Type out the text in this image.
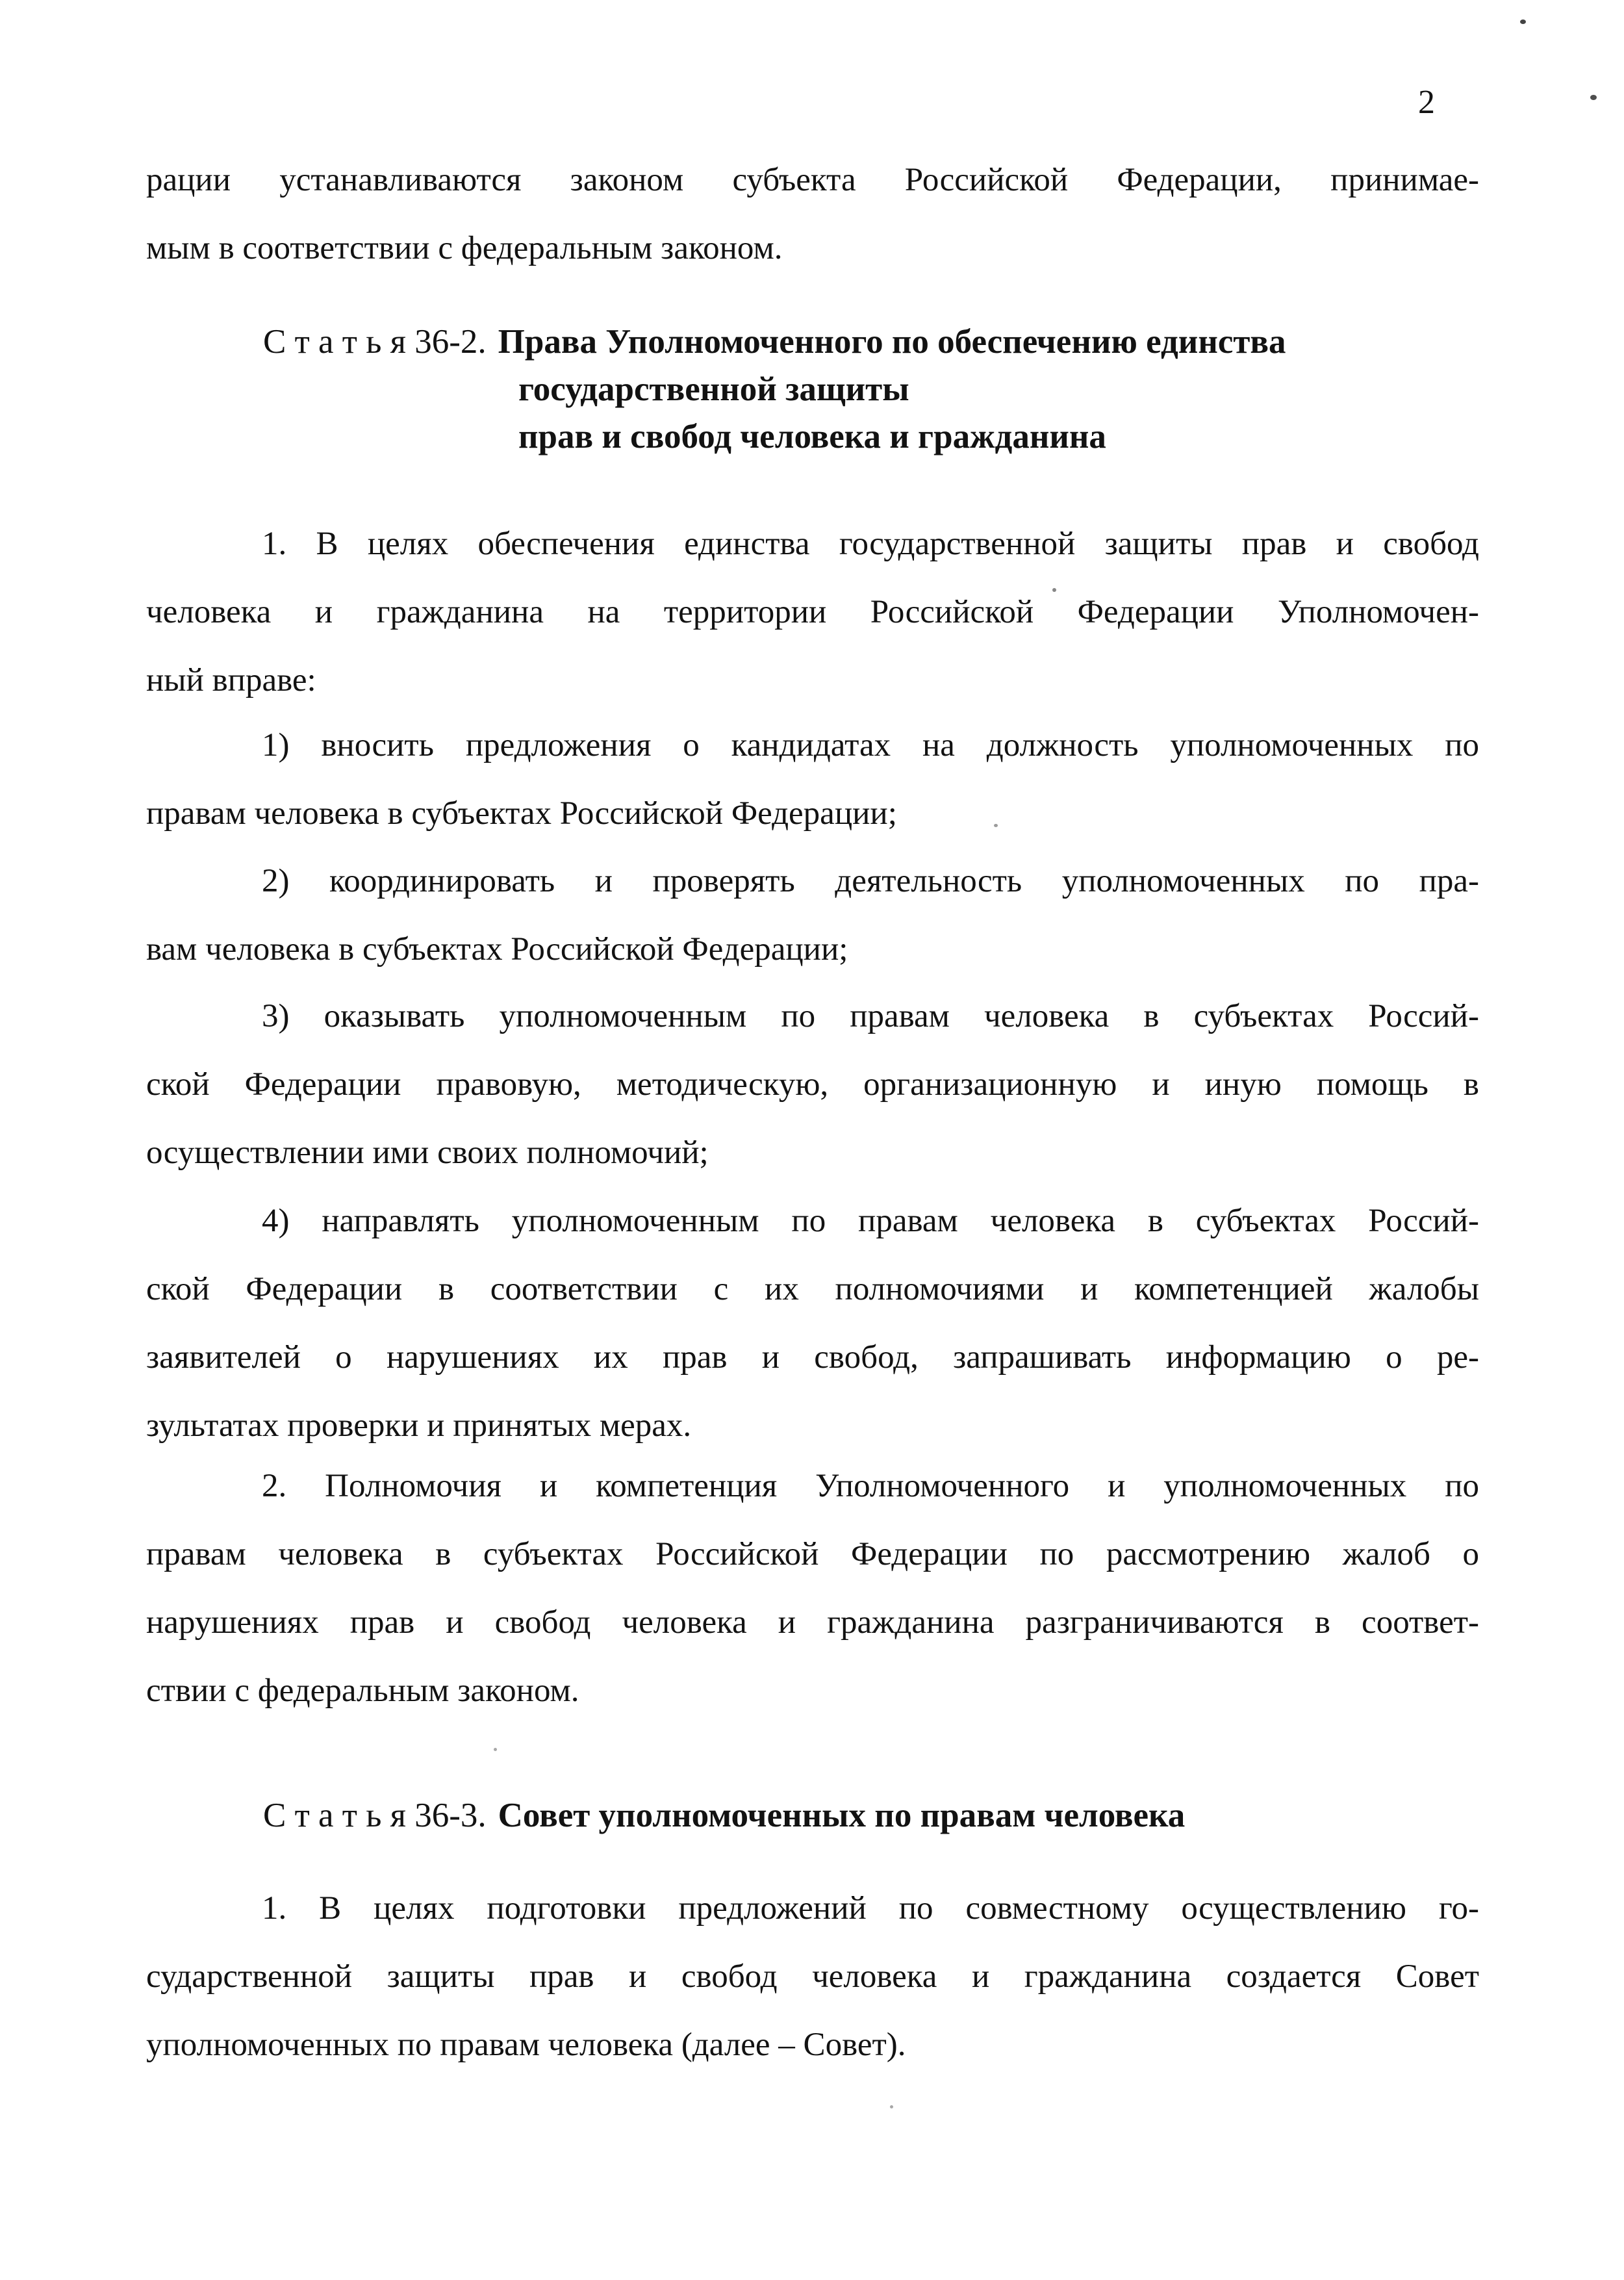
2
рации устанавливаются законом субъекта Российской Федерации, принимае-
мым в соответствии с федеральным законом.
С т а т ь я 36-2. Права Уполномоченного по обеспечению единства
государственной защиты
прав и свобод человека и гражданина
1. В целях обеспечения единства государственной защиты прав и свобод
человека и гражданина на территории Российской Федерации Уполномочен-
ный вправе:
1) вносить предложения о кандидатах на должность уполномоченных по
правам человека в субъектах Российской Федерации;
2) координировать и проверять деятельность уполномоченных по пра-
вам человека в субъектах Российской Федерации;
3) оказывать уполномоченным по правам человека в субъектах Россий-
ской Федерации правовую, методическую, организационную и иную помощь в
осуществлении ими своих полномочий;
4) направлять уполномоченным по правам человека в субъектах Россий-
ской Федерации в соответствии с их полномочиями и компетенцией жалобы
заявителей о нарушениях их прав и свобод, запрашивать информацию о ре-
зультатах проверки и принятых мерах.
2. Полномочия и компетенция Уполномоченного и уполномоченных по
правам человека в субъектах Российской Федерации по рассмотрению жалоб о
нарушениях прав и свобод человека и гражданина разграничиваются в соответ-
ствии с федеральным законом.
С т а т ь я 36-3. Совет уполномоченных по правам человека
1. В целях подготовки предложений по совместному осуществлению го-
сударственной защиты прав и свобод человека и гражданина создается Совет
уполномоченных по правам человека (далее – Совет).
